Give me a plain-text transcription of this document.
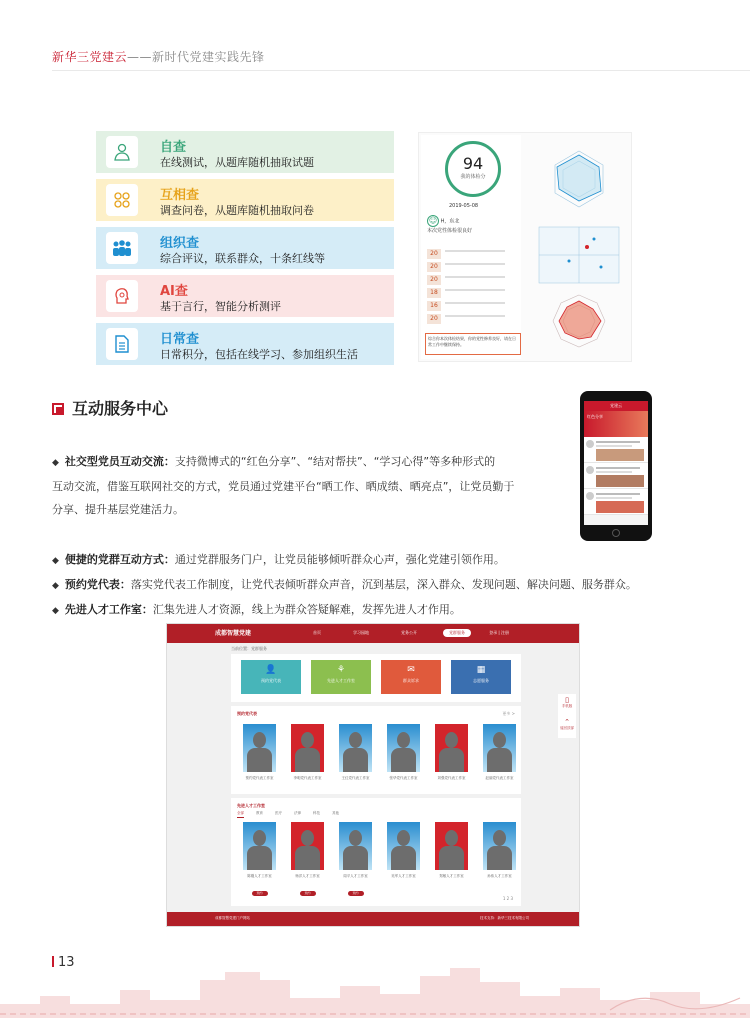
新华三党建云——新时代党建实践先锋
自查
在线测试，从题库随机抽取试题
互相查
调查问卷，从题库随机抽取问卷
组织查
综合评议，联系群众，十条红线等
AI查
基于言行，智能分析测评
日常查
日常积分，包括在线学习、参加组织生活
94
我的体检分
2019-05-08
☺ H，东北
本次党性体检很良好
20
20
20
18
16
20
综合你本次体检结果，你的党性修养良好，请在日常工作中继续保持。
互动服务中心
◆ 社交型党员互动交流：支持微博式的“红色分享”、“结对帮扶”、“学习心得”等多种形式的
互动交流，借鉴互联网社交的方式，党员通过党建平台“晒工作、晒成绩、晒亮点”，让党员勤于
分享、提升基层党建活力。
◆ 便捷的党群互动方式：通过党群服务门户，让党员能够倾听群众心声，强化党建引领作用。
◆ 预约党代表：落实党代表工作制度，让党代表倾听群众声音，沉到基层，深入群众、发现问题、解决问题、服务群众。
◆ 先进人才工作室：汇集先进人才资源，线上为群众答疑解难，发挥先进人才作用。
党建云
红色分享
成都智慧党建	首页	学习园地	党务公开	党群服务	登录 | 注册
当前位置：党群服务
👤
预约党代表
⚘
先进人才工作室
✉
群众诉求
▦
志愿服务
预约党代表	更多 >
预约党代表工作室	李明党代表工作室	王红党代表工作室	张华党代表工作室	刘强党代表工作室	赵丽党代表工作室
先进人才工作室
全部	教育	医疗	法律	科技	其他
陈刚人才工作室
预约
杨洋人才工作室
预约
周平人才工作室
预约
吴军人才工作室	郑敏人才工作室	孙伟人才工作室
1 2 3
▯
手机版
⌃
返回顶部
成都智慧党建门户网站	技术支持：新华三技术有限公司
13
